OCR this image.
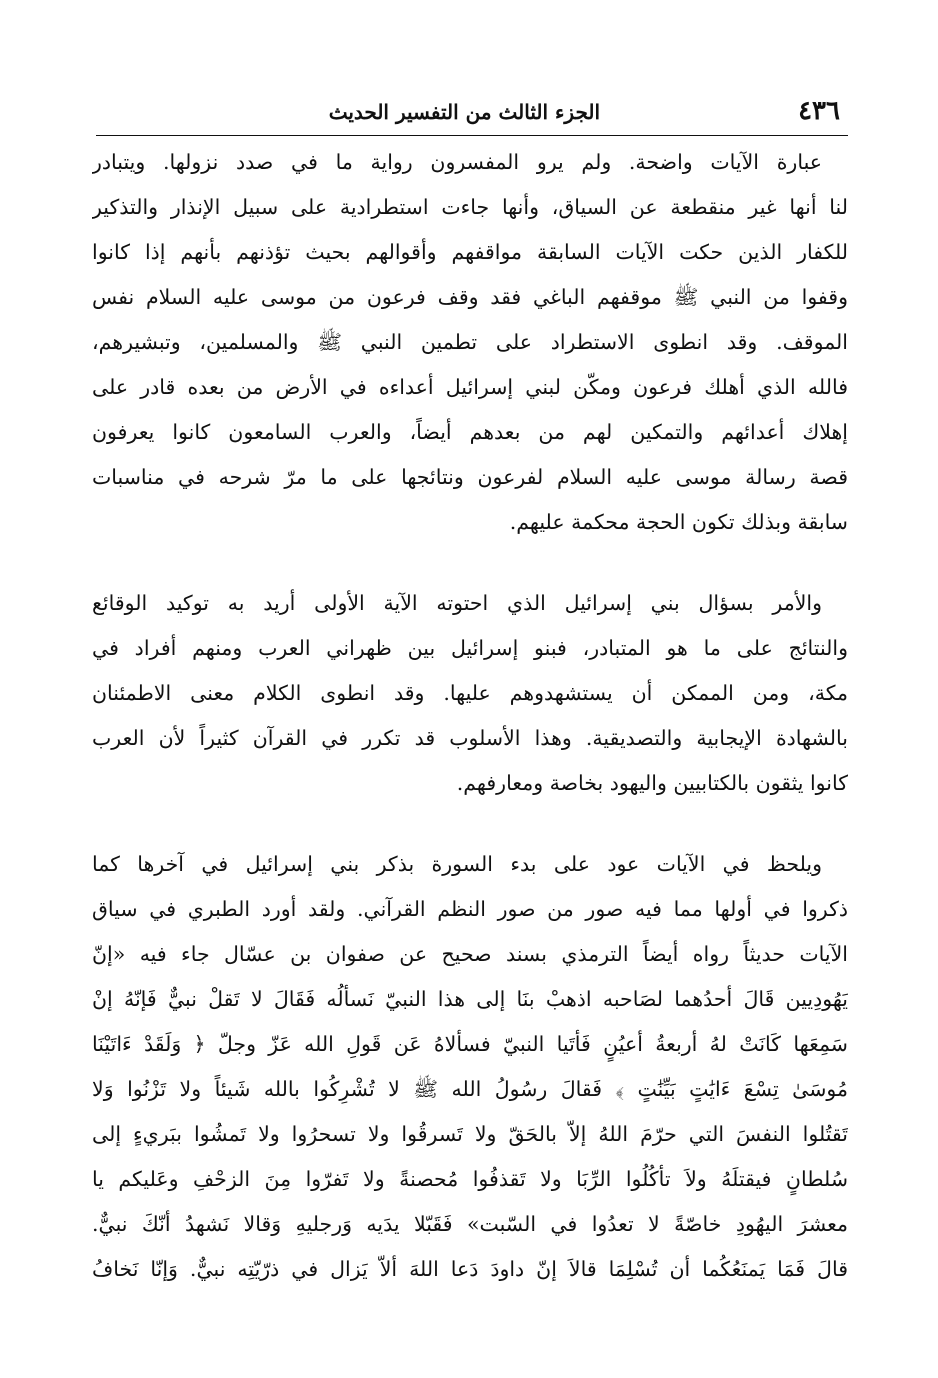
٤٣٦
الجزء الثالث من التفسير الحديث
عبارة الآيات واضحة. ولم يرو المفسرون رواية ما في صدد نزولها. ويتبادر
لنا أنها غير منقطعة عن السياق، وأنها جاءت استطرادية على سبيل الإنذار والتذكير
للكفار الذين حكت الآيات السابقة مواقفهم وأقوالهم بحيث تؤذنهم بأنهم إذا كانوا
وقفوا من النبي ﷺ موقفهم الباغي فقد وقف فرعون من موسى عليه السلام نفس
الموقف. وقد انطوى الاستطراد على تطمين النبي ﷺ والمسلمين، وتبشيرهم،
فالله الذي أهلك فرعون ومكّن لبني إسرائيل أعداءه في الأرض من بعده قادر على
إهلاك أعدائهم والتمكين لهم من بعدهم أيضاً، والعرب السامعون كانوا يعرفون
قصة رسالة موسى عليه السلام لفرعون ونتائجها على ما مرّ شرحه في مناسبات
سابقة وبذلك تكون الحجة محكمة عليهم.
والأمر بسؤال بني إسرائيل الذي احتوته الآية الأولى أريد به توكيد الوقائع
والنتائج على ما هو المتبادر، فبنو إسرائيل بين ظهراني العرب ومنهم أفراد في
مكة، ومن الممكن أن يستشهدوهم عليها. وقد انطوى الكلام معنى الاطمئنان
بالشهادة الإيجابية والتصديقية. وهذا الأسلوب قد تكرر في القرآن كثيراً لأن العرب
كانوا يثقون بالكتابيين واليهود بخاصة ومعارفهم.
ويلحظ في الآيات عود على بدء السورة بذكر بني إسرائيل في آخرها كما
ذكروا في أولها مما فيه صور من صور النظم القرآني. ولقد أورد الطبري في سياق
الآيات حديثاً رواه أيضاً الترمذي بسند صحيح عن صفوان بن عسّال جاء فيه «إنّ
يَهُودِيين قَالَ أحدُهما لصَاحبه اذهبْ بنَا إلى هذا النبيّ نَسألُه فَقَالَ لا تَقلْ نبيٌّ فَإنّهُ إنْ
سَمِعَها كَانَتْ لهُ أربعةُ أعيُنٍ فَأتَيا النبيّ فسألاهُ عَن قَولِ الله عَزّ وجلّ ﴿ وَلَقَدْ ءَاتَيْنَا
مُوسَىٰ تِسْعَ ءَايَٰتٍ بَيِّنَٰتٍ ﴾ فَقالَ رسُولُ الله ﷺ لا تُشْرِكُوا بالله شَيئاً ولا تَزْنُوا وَلا
تَقتُلوا النفسَ التي حرّمَ اللهُ إلاّ بالحَقّ ولا تَسرقُوا ولا تسحرُوا ولا تَمشُوا ببَريءٍ إلى
سُلطانٍ فيقتلَهُ ولاَ تأكُلُوا الرِّبَا ولا تَقذفُوا مُحصنةً ولا تَفرّوا مِنَ الزحْفِ وعَليكم يا
معشرَ اليهُودِ خاصّةً لا تعدُوا في السّبت» فَقَبّلا يدَيه وَرجليهِ وَقالا نَشهدُ أنّكَ نبيٌّ.
قالَ فَمَا يَمنَعُكُما أن تُسْلِمَا قالاَ إنّ داودَ دَعا اللهَ ألاّ يَزال في ذرّيّتِه نبيٌّ. وَإنّا نَخافُ
